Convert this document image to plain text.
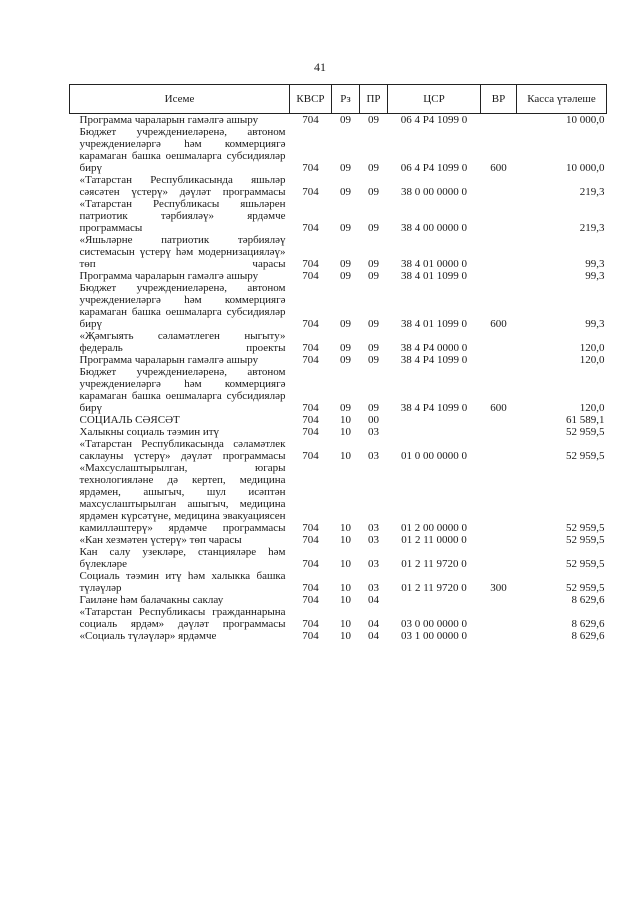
41
Исеме	КВСР	Рз	ПР	ЦСР	ВР	Касса үтәлеше
Программа чараларын гамәлгә ашыру	704	09	09	06 4 Р4 1099 0		10 000,0
Бюджет учреждениеләренә, автоном учреждениеләргә һәм коммерциягә карамаган башка оешмаларга субсидияләр бирү	704	09	09	06 4 Р4 1099 0	600	10 000,0
«Татарстан Республикасында яшьләр сәясәтен үстерү» дәүләт программасы	704	09	09	38 0 00 0000 0		219,3
«Татарстан Республикасы яшьләрен патриотик тәрбияләү» ярдәмче программасы	704	09	09	38 4 00 0000 0		219,3
«Яшьләрне патриотик тәрбияләү системасын үстерү һәм модернизацияләү» төп чарасы	704	09	09	38 4 01 0000 0		99,3
Программа чараларын гамәлгә ашыру	704	09	09	38 4 01 1099 0		99,3
Бюджет учреждениеләренә, автоном учреждениеләргә һәм коммерциягә карамаган башка оешмаларга субсидияләр бирү	704	09	09	38 4 01 1099 0	600	99,3
«Җәмгыять сәламәтлеген ныгыту» федераль проекты	704	09	09	38 4 Р4 0000 0		120,0
Программа чараларын гамәлгә ашыру	704	09	09	38 4 Р4 1099 0		120,0
Бюджет учреждениеләренә, автоном учреждениеләргә һәм коммерциягә карамаган башка оешмаларга субсидияләр бирү	704	09	09	38 4 Р4 1099 0	600	120,0
СОЦИАЛЬ СӘЯСӘТ	704	10	00			61 589,1
Халыкны социаль тәэмин итү	704	10	03			52 959,5
«Татарстан Республикасында сәламәтлек саклауны үстерү» дәүләт программасы	704	10	03	01 0 00 0000 0		52 959,5
«Махсуслаштырылган, югары технологияләне дә кертеп, медицина ярдәмен, ашыгыч, шул исәптән махсуслаштырылган ашыгыч, медицина ярдәмен күрсәтүне, медицина эвакуациясен камилләштерү» ярдәмче программасы	704	10	03	01 2 00 0000 0		52 959,5
«Кан хезмәтен үстерү» төп чарасы	704	10	03	01 2 11 0000 0		52 959,5
Кан салу узекләре, станцияләре һәм бүлекләре	704	10	03	01 2 11 9720 0		52 959,5
Социаль тәэмин итү һәм халыкка башка түләүләр	704	10	03	01 2 11 9720 0	300	52 959,5
Гаиләне һәм балачакны саклау	704	10	04			8 629,6
«Татарстан Республикасы гражданнарына социаль ярдәм» дәүләт программасы	704	10	04	03 0 00 0000 0		8 629,6
«Социаль түләүләр» ярдәмче	704	10	04	03 1 00 0000 0		8 629,6
